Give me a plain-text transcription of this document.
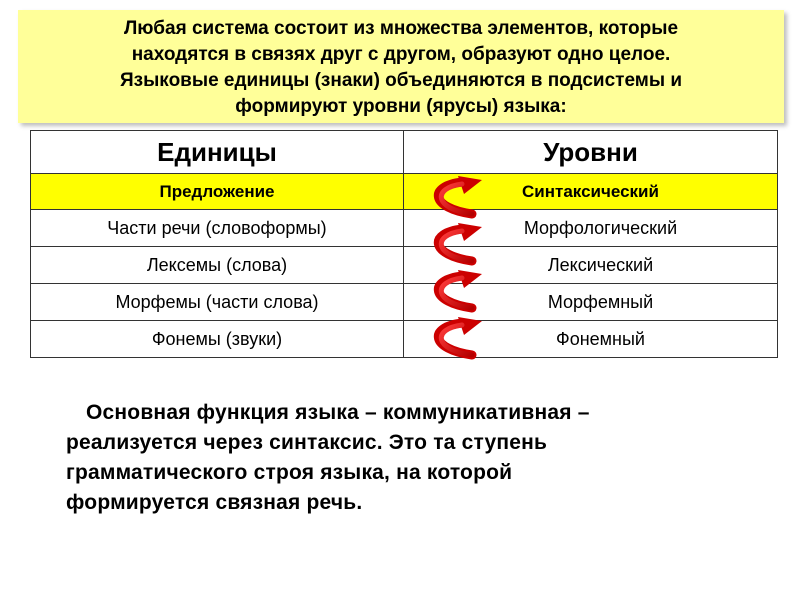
Любая система состоит из множества элементов, которые
находятся в связях друг с другом, образуют одно целое.
Языковые единицы (знаки) объединяются в подсистемы и
формируют уровни (ярусы) языка:
Единицы	Уровни
Предложение	Синтаксический
Части речи (словоформы)	Морфологический
Лексемы (слова)	Лексический
Морфемы (части слова)	Морфемный
Фонемы (звуки)	Фонемный
Основная функция языка – коммуникативная –
реализуется через синтаксис. Это та ступень
грамматического строя языка, на которой
формируется связная речь.
